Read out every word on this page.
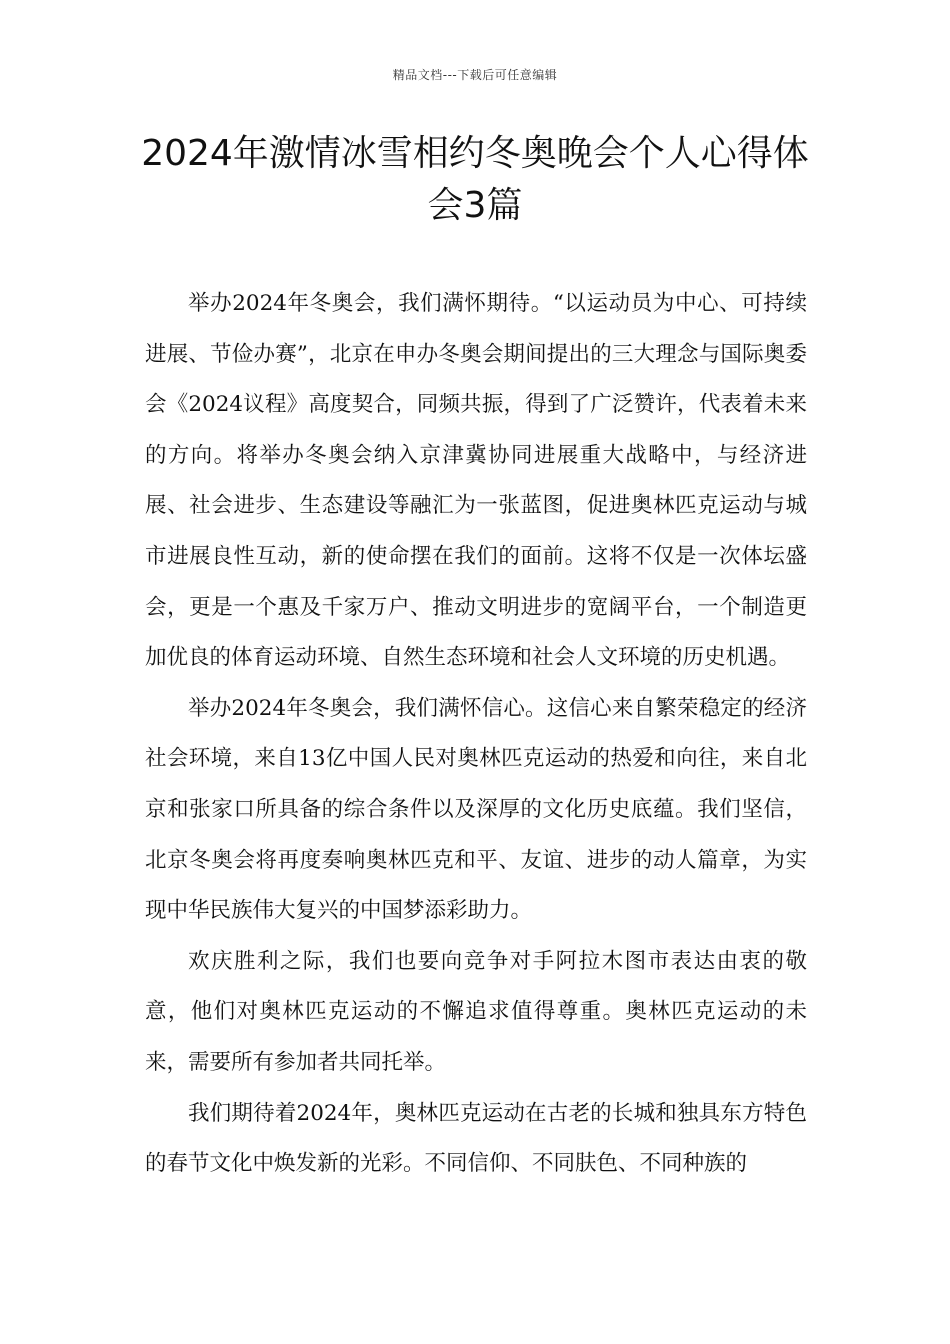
精品文档---下载后可任意编辑
2024年激情冰雪相约冬奥晚会个人心得体会3篇

举办2024年冬奥会，我们满怀期待。“以运动员为中心、可持续进展、节俭办赛”，北京在申办冬奥会期间提出的三大理念与国际奥委会《2024议程》高度契合，同频共振，得到了广泛赞许，代表着未来的方向。将举办冬奥会纳入京津冀协同进展重大战略中，与经济进展、社会进步、生态建设等融汇为一张蓝图，促进奥林匹克运动与城市进展良性互动，新的使命摆在我们的面前。这将不仅是一次体坛盛会，更是一个惠及千家万户、推动文明进步的宽阔平台，一个制造更加优良的体育运动环境、自然生态环境和社会人文环境的历史机遇。

举办2024年冬奥会，我们满怀信心。这信心来自繁荣稳定的经济社会环境，来自13亿中国人民对奥林匹克运动的热爱和向往，来自北京和张家口所具备的综合条件以及深厚的文化历史底蕴。我们坚信，北京冬奥会将再度奏响奥林匹克和平、友谊、进步的动人篇章，为实现中华民族伟大复兴的中国梦添彩助力。

欢庆胜利之际，我们也要向竞争对手阿拉木图市表达由衷的敬意，他们对奥林匹克运动的不懈追求值得尊重。奥林匹克运动的未来，需要所有参加者共同托举。

我们期待着2024年，奥林匹克运动在古老的长城和独具东方特色的春节文化中焕发新的光彩。不同信仰、不同肤色、不同种族的
